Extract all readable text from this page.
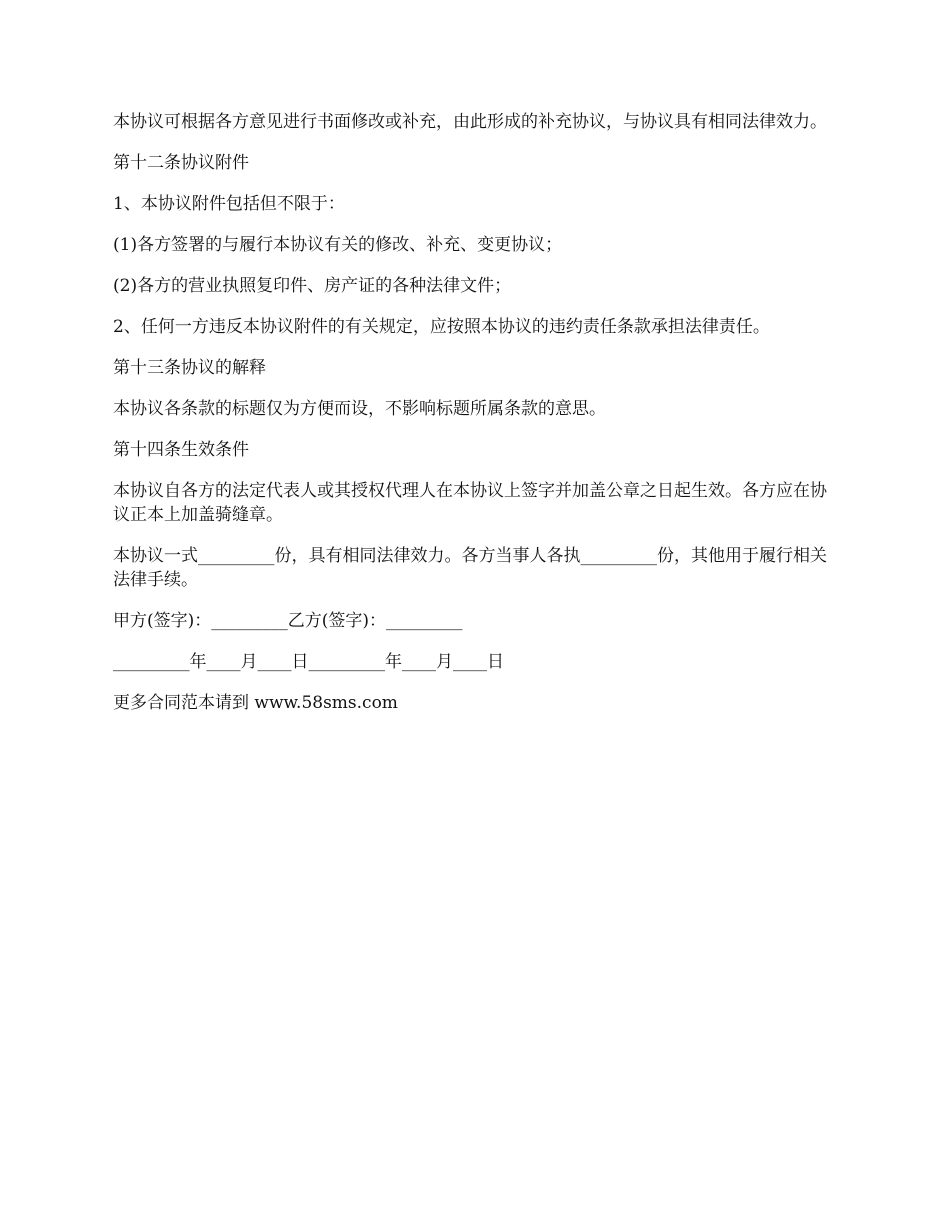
本协议可根据各方意见进行书面修改或补充，由此形成的补充协议，与协议具有相同法律效力。

第十二条协议附件

1、本协议附件包括但不限于：

(1)各方签署的与履行本协议有关的修改、补充、变更协议；

(2)各方的营业执照复印件、房产证的各种法律文件；

2、任何一方违反本协议附件的有关规定，应按照本协议的违约责任条款承担法律责任。

第十三条协议的解释

本协议各条款的标题仅为方便而设，不影响标题所属条款的意思。

第十四条生效条件

本协议自各方的法定代表人或其授权代理人在本协议上签字并加盖公章之日起生效。各方应在协议正本上加盖骑缝章。

本协议一式_________份，具有相同法律效力。各方当事人各执_________份，其他用于履行相关法律手续。

甲方(签字)：_________乙方(签字)：_________

_________年____月____日_________年____月____日

更多合同范本请到 www.58sms.com
